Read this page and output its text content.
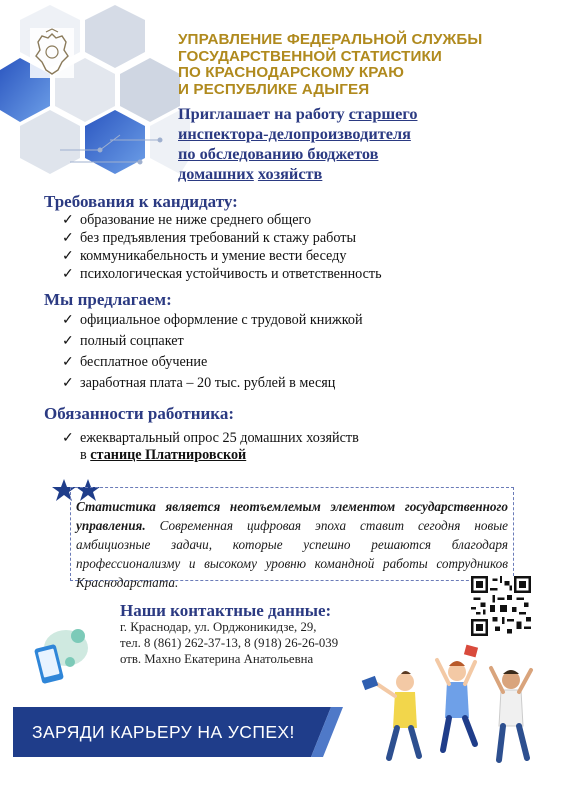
УПРАВЛЕНИЕ ФЕДЕРАЛЬНОЙ СЛУЖБЫ
ГОСУДАРСТВЕННОЙ СТАТИСТИКИ
ПО КРАСНОДАРСКОМУ КРАЮ
И РЕСПУБЛИКЕ АДЫГЕЯ
Приглашает на работу старшего
инспектора-делопроизводителя
по обследованию бюджетов
домашних хозяйств
Требования к кандидату:
✓ образование не ниже среднего общего
✓ без предъявления требований к стажу работы
✓ коммуникабельность и умение вести беседу
✓ психологическая устойчивость и ответственность
Мы предлагаем:
✓ официальное оформление с трудовой книжкой
✓ полный соцпакет
✓ бесплатное обучение
✓ заработная плата – 20 тыс. рублей в месяц
Обязанности работника:
✓ ежеквартальный опрос 25 домашних хозяйств
в станице Платнировской
Статистика является неотъемлемым элементом государственного управления. Современная цифровая эпоха ставит сегодня новые амбициозные задачи, которые успешно решаются благодаря профессионализму и высокому уровню командной работы сотрудников Краснодарстата.
Наши контактные данные:
г. Краснодар, ул. Орджоникидзе, 29,
тел. 8 (861) 262-37-13, 8 (918) 26-26-039
отв. Махно Екатерина Анатольевна
ЗАРЯДИ КАРЬЕРУ НА УСПЕХ!
